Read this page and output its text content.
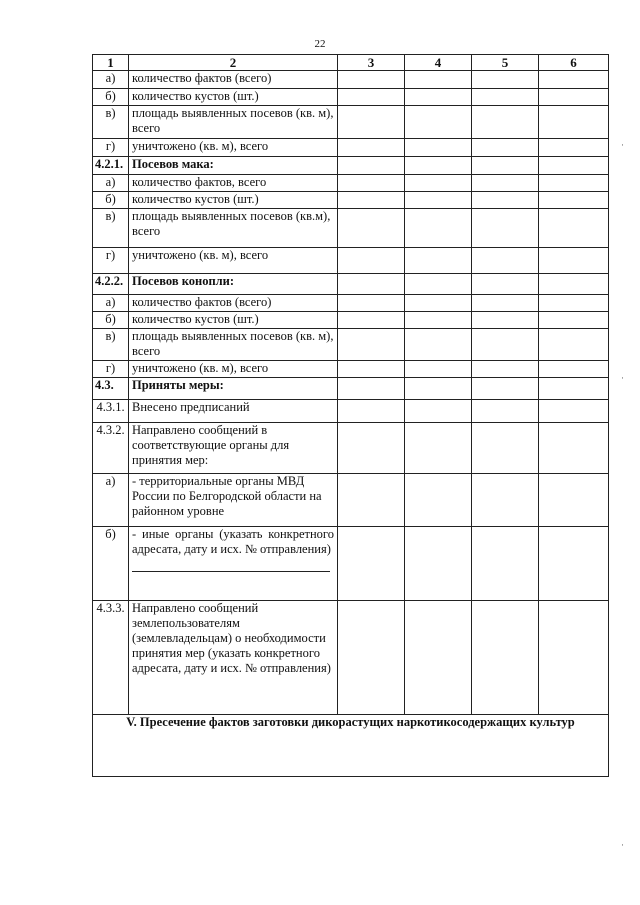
22
1	2	3	4	5	6
а)	количество фактов (всего)				
б)	количество кустов (шт.)				
в)	площадь выявленных посевов (кв. м), всего				
г)	уничтожено (кв. м), всего				
4.2.1.	Посевов мака:				
а)	количество фактов, всего				
б)	количество кустов (шт.)				
в)	площадь выявленных посевов (кв.м), всего				
г)	уничтожено (кв. м), всего				
4.2.2.	Посевов конопли:				
а)	количество фактов (всего)				
б)	количество кустов (шт.)				
в)	площадь выявленных посевов (кв. м), всего				
г)	уничтожено (кв. м), всего				
4.3.	Приняты меры:				
4.3.1.	Внесено предписаний				
4.3.2.	Направлено сообщений в соответствующие органы для принятия мер:				
а)	- территориальные органы МВД России по Белгородской области на районном уровне				
б)	- иные органы (указать конкретного адресата, дату и исх. № отправления)

4.3.3.	Направлено сообщений землепользователям (землевладельцам) о необходимости принятия мер (указать конкретного адресата, дату и исх. № отправления)				
V. Пресечение фактов заготовки дикорастущих наркотикосодержащих культур					
·
·
·
